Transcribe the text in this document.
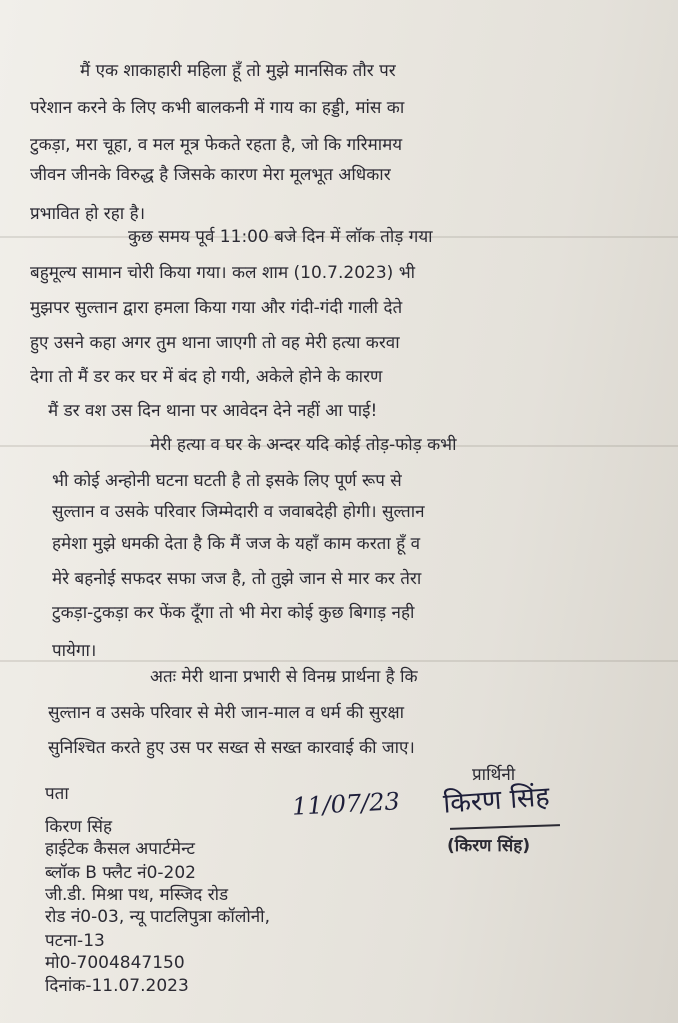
मैं एक शाकाहारी महिला हूँ तो मुझे मानसिक तौर पर
परेशान करने के लिए कभी बालकनी में गाय का हड्डी, मांस का
टुकड़ा, मरा चूहा, व मल मूत्र फेकते रहता है, जो कि गरिमामय
जीवन जीनके विरुद्ध है जिसके कारण मेरा मूलभूत अधिकार
प्रभावित हो रहा है।
कुछ समय पूर्व 11:00 बजे दिन में लॉक तोड़ गया
बहुमूल्य सामान चोरी किया गया। कल शाम (10.7.2023) भी
मुझपर सुल्तान द्वारा हमला किया गया और गंदी-गंदी गाली देते
हुए उसने कहा अगर तुम थाना जाएगी तो वह मेरी हत्या करवा
देगा तो मैं डर कर घर में बंद हो गयी, अकेले होने के कारण
मैं डर वश उस दिन थाना पर आवेदन देने नहीं आ पाई!
मेरी हत्या व घर के अन्दर यदि कोई तोड़-फोड़ कभी
भी कोई अन्होनी घटना घटती है तो इसके लिए पूर्ण रूप से
सुल्तान व उसके परिवार जिम्मेदारी व जवाबदेही होगी। सुल्तान
हमेशा मुझे धमकी देता है कि मैं जज के यहाँ काम करता हूँ व
मेरे बहनोई सफदर सफा जज है, तो तुझे जान से मार कर तेरा
टुकड़ा-टुकड़ा कर फेंक दूँगा तो भी मेरा कोई कुछ बिगाड़ नही
पायेगा।
अतः मेरी थाना प्रभारी से विनम्र प्रार्थना है कि
सुल्तान व उसके परिवार से मेरी जान-माल व धर्म की सुरक्षा
सुनिश्चित करते हुए उस पर सख्त से सख्त कारवाई की जाए।
प्रार्थिनी
पता	11/07/23 किरण सिंह
(किरण सिंह)
किरण सिंह
हाईटेक कैसल अपार्टमेन्ट
ब्लॉक B फ्लैट नं0-202
जी.डी. मिश्रा पथ, मस्जिद रोड
रोड नं0-03, न्यू पाटलिपुत्रा कॉलोनी,
पटना-13
मो0-7004847150
दिनांक-11.07.2023
